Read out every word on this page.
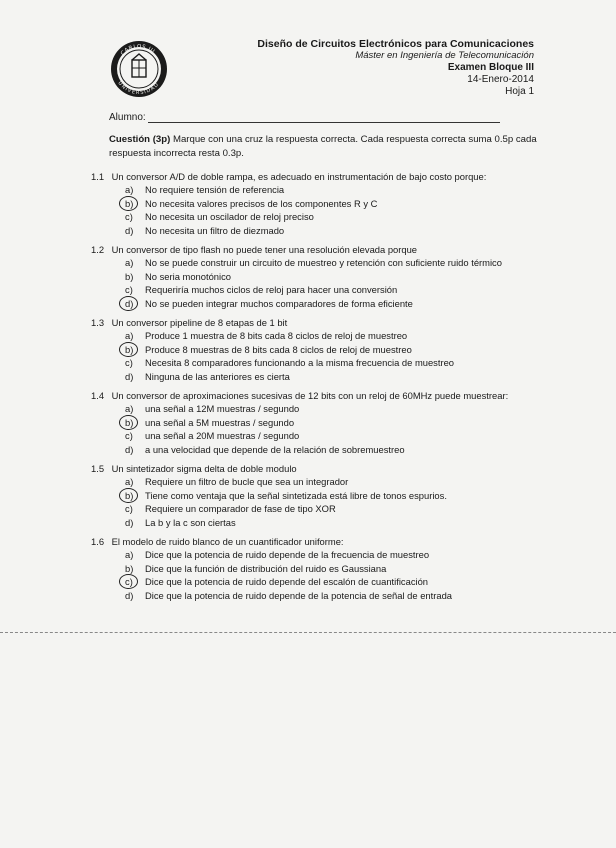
CARLOS III
UNIVERSIDAD
Diseño de Circuitos Electrónicos para Comunicaciones
Máster en Ingeniería de Telecomunicación
Examen Bloque III
14-Enero-2014
Hoja 1
Alumno:
Cuestión (3p) Marque con una cruz la respuesta correcta. Cada respuesta correcta suma 0.5p cada respuesta incorrecta resta 0.3p.
1.1 Un conversor A/D de doble rampa, es adecuado en instrumentación de bajo costo porque:
a) No requiere tensión de referencia
b) No necesita valores precisos de los componentes R y C
c) No necesita un oscilador de reloj preciso
d) No necesita un filtro de diezmado
1.2 Un conversor de tipo flash no puede tener una resolución elevada porque
a) No se puede construir un circuito de muestreo y retención con suficiente ruido térmico
b) No seria monotónico
c) Requeriría muchos ciclos de reloj para hacer una conversión
d) No se pueden integrar muchos comparadores de forma eficiente
1.3 Un conversor pipeline de 8 etapas de 1 bit
a) Produce 1 muestra de 8 bits cada 8 ciclos de reloj de muestreo
b) Produce 8 muestras de 8 bits cada 8 ciclos de reloj de muestreo
c) Necesita 8 comparadores funcionando a la misma frecuencia de muestreo
d) Ninguna de las anteriores es cierta
1.4 Un conversor de aproximaciones sucesivas de 12 bits con un reloj de 60MHz puede muestrear:
a) una señal a 12M muestras / segundo
b) una señal a 5M muestras / segundo
c) una señal a 20M muestras / segundo
d) a una velocidad que depende de la relación de sobremuestreo
1.5 Un sintetizador sigma delta de doble modulo
a) Requiere un filtro de bucle que sea un integrador
b) Tiene como ventaja que la señal sintetizada está libre de tonos espurios.
c) Requiere un comparador de fase de tipo XOR
d) La b y la c son ciertas
1.6 El modelo de ruido blanco de un cuantificador uniforme:
a) Dice que la potencia de ruido depende de la frecuencia de muestreo
b) Dice que la función de distribución del ruido es Gaussiana
c) Dice que la potencia de ruido depende del escalón de cuantificación
d) Dice que la potencia de ruido depende de la potencia de señal de entrada
